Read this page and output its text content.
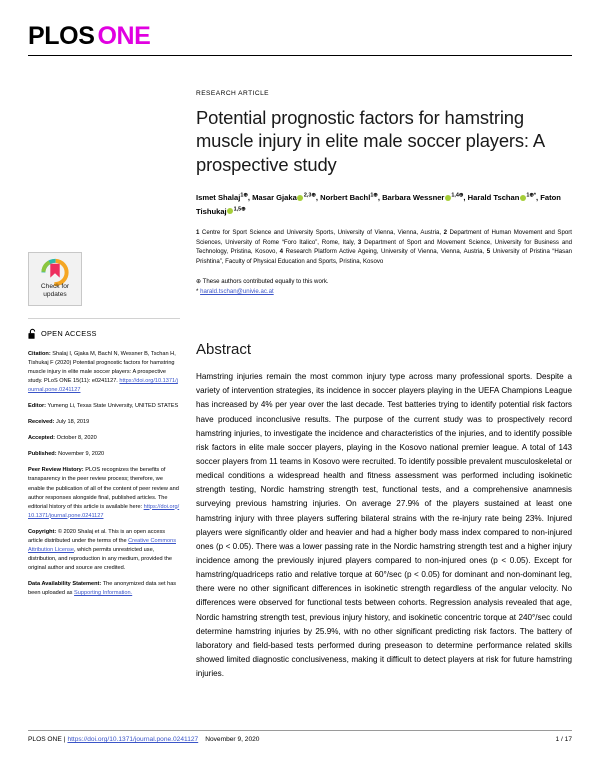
PLOS ONE
Check for
updates
OPEN ACCESS
Citation: Shalaj I, Gjaka M, Bachl N, Wessner B, Tschan H, Tishukaj F (2020) Potential prognostic factors for hamstring muscle injury in elite male soccer players: A prospective study. PLoS ONE 15(11): e0241127. https://doi.org/10.1371/journal.pone.0241127
Editor: Yumeng Li, Texas State University, UNITED STATES
Received: July 18, 2019
Accepted: October 8, 2020
Published: November 9, 2020
Peer Review History: PLOS recognizes the benefits of transparency in the peer review process; therefore, we enable the publication of all of the content of peer review and author responses alongside final, published articles. The editorial history of this article is available here: https://doi.org/10.1371/journal.pone.0241127
Copyright: © 2020 Shalaj et al. This is an open access article distributed under the terms of the Creative Commons Attribution License, which permits unrestricted use, distribution, and reproduction in any medium, provided the original author and source are credited.
Data Availability Statement: The anonymized data set has been uploaded as Supporting Information.
RESEARCH ARTICLE
Potential prognostic factors for hamstring muscle injury in elite male soccer players: A prospective study
Ismet Shalaj$^{1\oplus}$, Masar Gjaka $^{2,3\oplus}$, Norbert Bachl$^{1\oplus}$, Barbara Wessner $^{1,4\oplus}$, Harald Tschan $^{1\oplus*}$, Faton Tishukaj $^{1,5\oplus}$
1 Centre for Sport Science and University Sports, University of Vienna, Vienna, Austria, 2 Department of Human Movement and Sport Sciences, University of Rome “Foro Italico”, Rome, Italy, 3 Department of Sport and Movement Science, University for Business and Technology, Pristina, Kosovo, 4 Research Platform Active Ageing, University of Vienna, Vienna, Austria, 5 University of Pristina “Hasan Prishtina”, Faculty of Physical Education and Sports, Pristina, Kosovo
⊕ These authors contributed equally to this work.
* harald.tschan@univie.ac.at
Abstract
Hamstring injuries remain the most common injury type across many professional sports. Despite a variety of intervention strategies, its incidence in soccer players playing in the UEFA Champions League has increased by 4% per year over the last decade. Test batteries trying to identify potential risk factors have produced inconclusive results. The purpose of the current study was to prospectively record hamstring injuries, to investigate the incidence and characteristics of the injuries, and to identify possible risk factors in elite male soccer players, playing in the Kosovo national premier league. A total of 143 soccer players from 11 teams in Kosovo were recruited. To identify possible prevalent musculoskeletal or medical conditions a widespread health and fitness assessment was performed including isokinetic strength testing, Nordic hamstring strength test, functional tests, and a comprehensive anamnesis surveying previous hamstring injuries. On average 27.9% of the players sustained at least one hamstring injury with three players suffering bilateral strains with the re-injury rate being 23%. Injured players were significantly older and heavier and had a higher body mass index compared to non-injured ones (p < 0.05). There was a lower passing rate in the Nordic hamstring strength test and a higher injury incidence among the previously injured players compared to non-injured ones (p < 0.05). Except for hamstring/quadriceps ratio and relative torque at 60°/sec (p < 0.05) for dominant and non-dominant leg, there were no other significant differences in isokinetic strength regardless of the angular velocity. No differences were observed for functional tests between cohorts. Regression analysis revealed that age, Nordic hamstring strength test, previous injury history, and isokinetic concentric torque at 240°/sec could determine hamstring injuries by 25.9%, with no other significant predicting risk factors. The battery of laboratory and field-based tests performed during preseason to determine performance related skills showed limited diagnostic conclusiveness, making it difficult to detect players at risk for future hamstring injuries.
PLOS ONE | https://doi.org/10.1371/journal.pone.0241127 November 9, 2020	1 / 17
